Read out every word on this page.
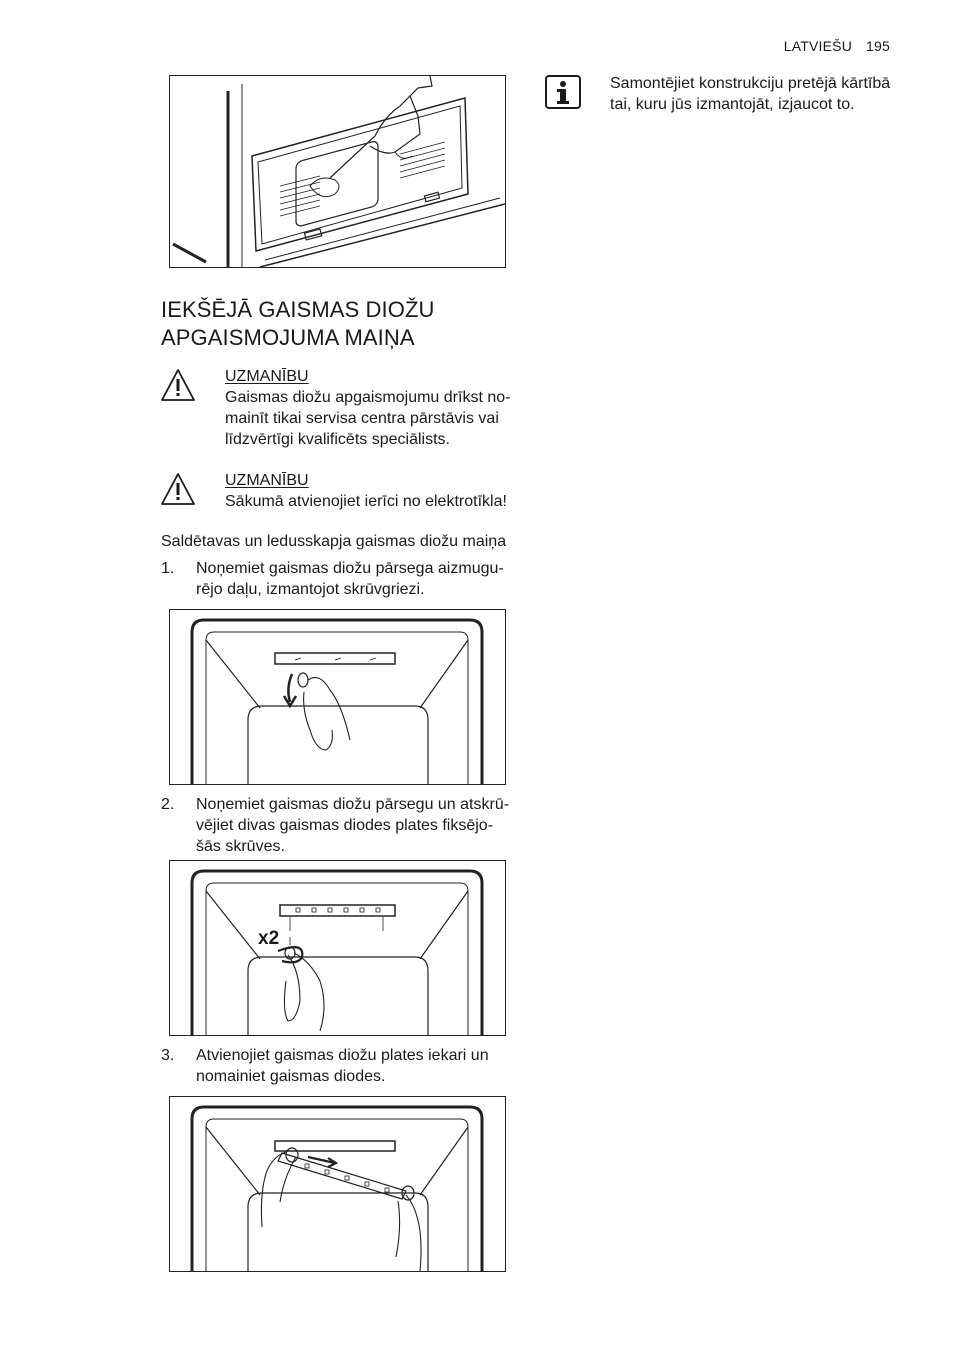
LATVIEŠU 195
Samontējiet konstrukciju pretējā kārtībā
tai, kuru jūs izmantojāt, izjaucot to.
IEKŠĒJĀ GAISMAS DIOŽU
APGAISMOJUMA MAIŅA
UZMANĪBU
Gaismas diožu apgaismojumu drīkst no-
mainīt tikai servisa centra pārstāvis vai
līdzvērtīgi kvalificēts speciālists.
UZMANĪBU
Sākumā atvienojiet ierīci no elektrotīkla!
Saldētavas un ledusskapja gaismas diožu maiņa
1. Noņemiet gaismas diožu pārsega aizmugu-
rējo daļu, izmantojot skrūvgriezi.
2. Noņemiet gaismas diožu pārsegu un atskrū-
vējiet divas gaismas diodes plates fiksējo-
šās skrūves.
x2
3. Atvienojiet gaismas diožu plates iekari un
nomainiet gaismas diodes.
